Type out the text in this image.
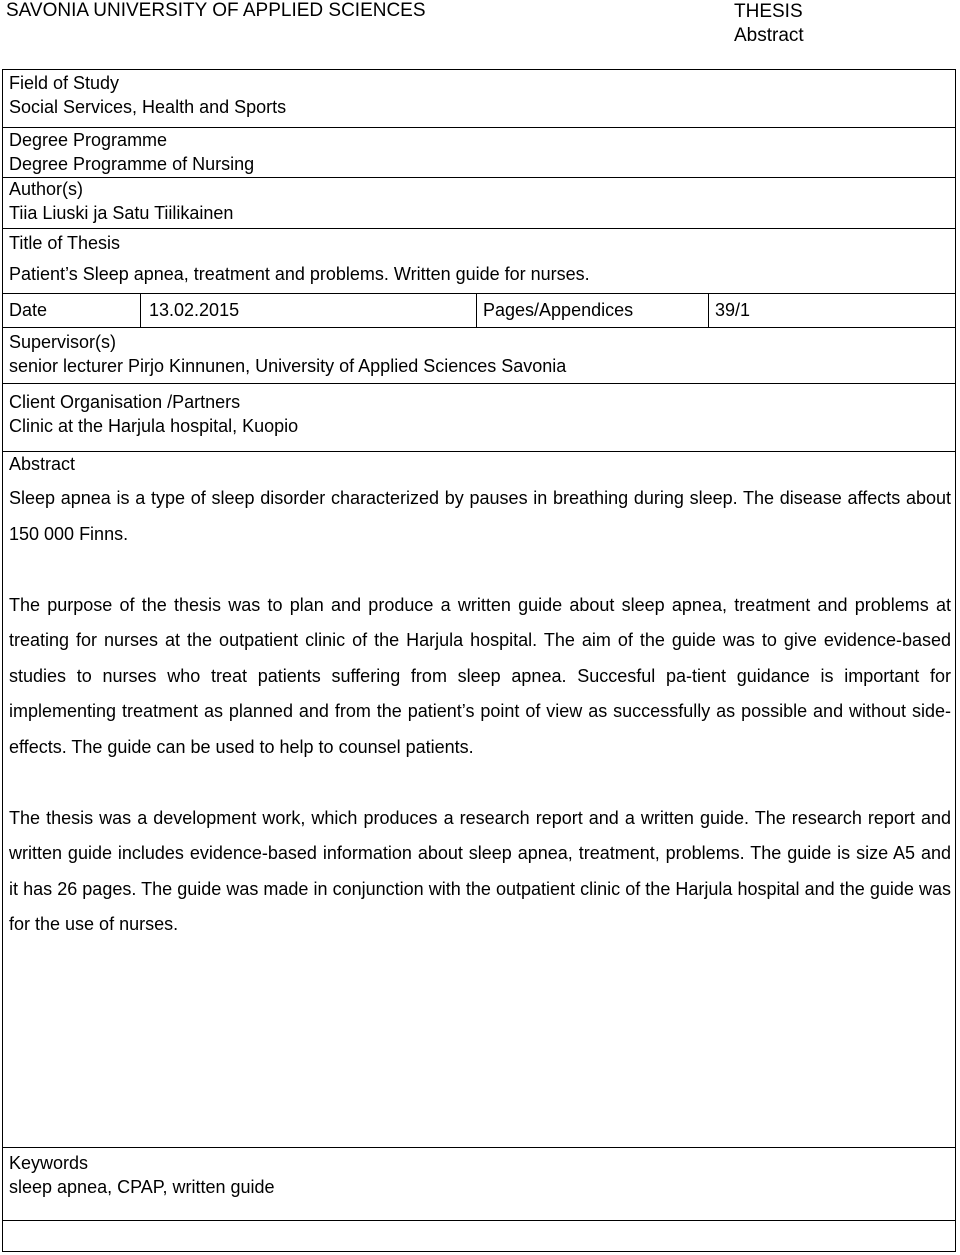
SAVONIA UNIVERSITY OF APPLIED SCIENCES	THESIS
Abstract
Field of Study
Social Services, Health and Sports
Degree Programme
Degree Programme of Nursing
Author(s)
Tiia Liuski ja Satu Tiilikainen
Title of Thesis
Patient’s Sleep apnea, treatment and problems. Written guide for nurses.
Date	13.02.2015	Pages/Appendices	39/1
Supervisor(s)
senior lecturer Pirjo Kinnunen, University of Applied Sciences Savonia
Client Organisation /Partners
Clinic at the Harjula hospital, Kuopio
Abstract

Sleep apnea is a type of sleep disorder characterized by pauses in breathing during sleep. The disease affects about 150 000 Finns.

The purpose of the thesis was to plan and produce a written guide about sleep apnea, treatment and problems at treating for nurses at the outpatient clinic of the Harjula hospital. The aim of the guide was to give evidence-based studies to nurses who treat patients suffering from sleep apnea. Succesful pa-tient guidance is important for implementing treatment as planned and from the patient’s point of view as successfully as possible and without side-effects. The guide can be used to help to counsel patients.

The thesis was a development work, which produces a research report and a written guide. The research report and written guide includes evidence-based information about sleep apnea, treatment, problems. The guide is size A5 and it has 26 pages. The guide was made in conjunction with the outpatient clinic of the Harjula hospital and the guide was for the use of nurses.

Keywords
sleep apnea, CPAP, written guide
